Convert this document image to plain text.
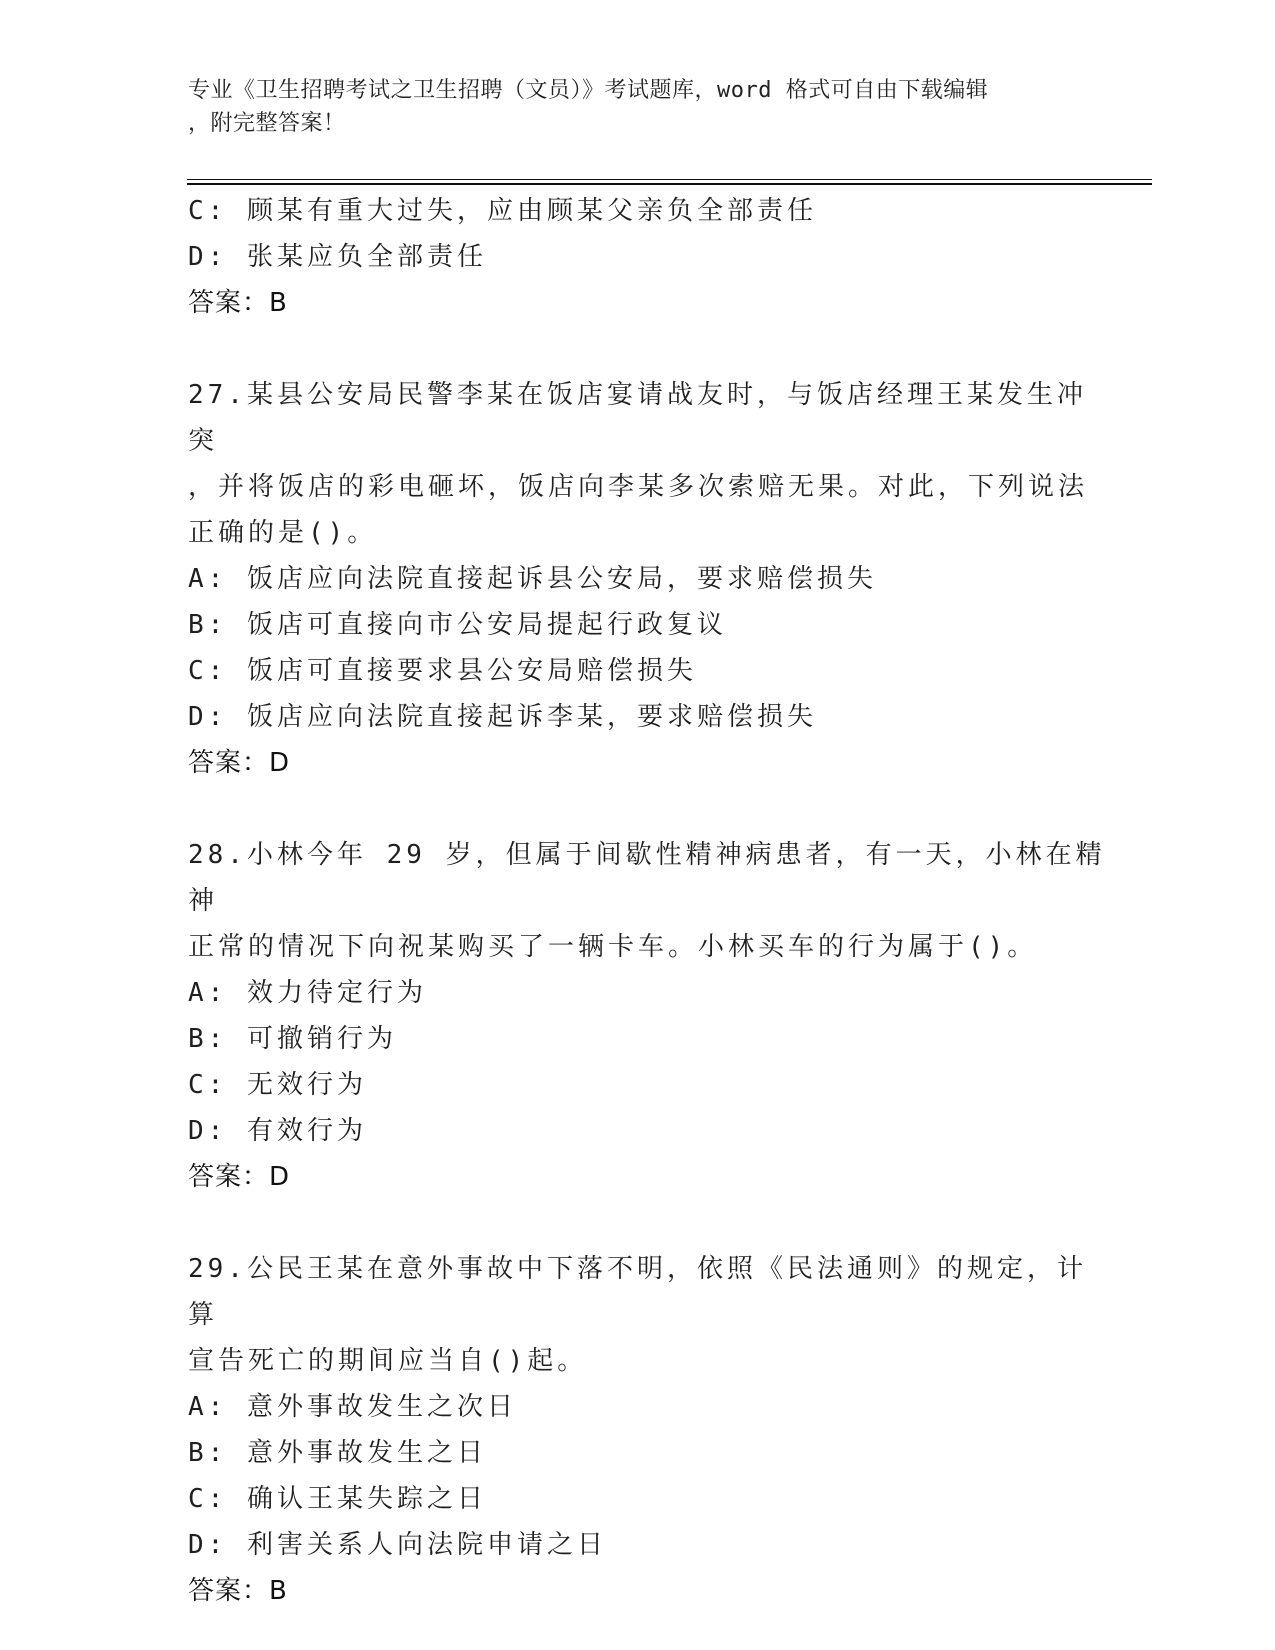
专业《卫生招聘考试之卫生招聘（文员）》考试题库，word 格式可自由下载编辑
，附完整答案！
C: 顾某有重大过失，应由顾某父亲负全部责任
D: 张某应负全部责任
答案：B
27.某县公安局民警李某在饭店宴请战友时，与饭店经理王某发生冲突
，并将饭店的彩电砸坏，饭店向李某多次索赔无果。对此，下列说法
正确的是()。
A: 饭店应向法院直接起诉县公安局，要求赔偿损失
B: 饭店可直接向市公安局提起行政复议
C: 饭店可直接要求县公安局赔偿损失
D: 饭店应向法院直接起诉李某，要求赔偿损失
答案：D
28.小林今年 29 岁，但属于间歇性精神病患者，有一天，小林在精神
正常的情况下向祝某购买了一辆卡车。小林买车的行为属于()。
A: 效力待定行为
B: 可撤销行为
C: 无效行为
D: 有效行为
答案：D
29.公民王某在意外事故中下落不明，依照《民法通则》的规定，计算
宣告死亡的期间应当自()起。
A: 意外事故发生之次日
B: 意外事故发生之日
C: 确认王某失踪之日
D: 利害关系人向法院申请之日
答案：B
